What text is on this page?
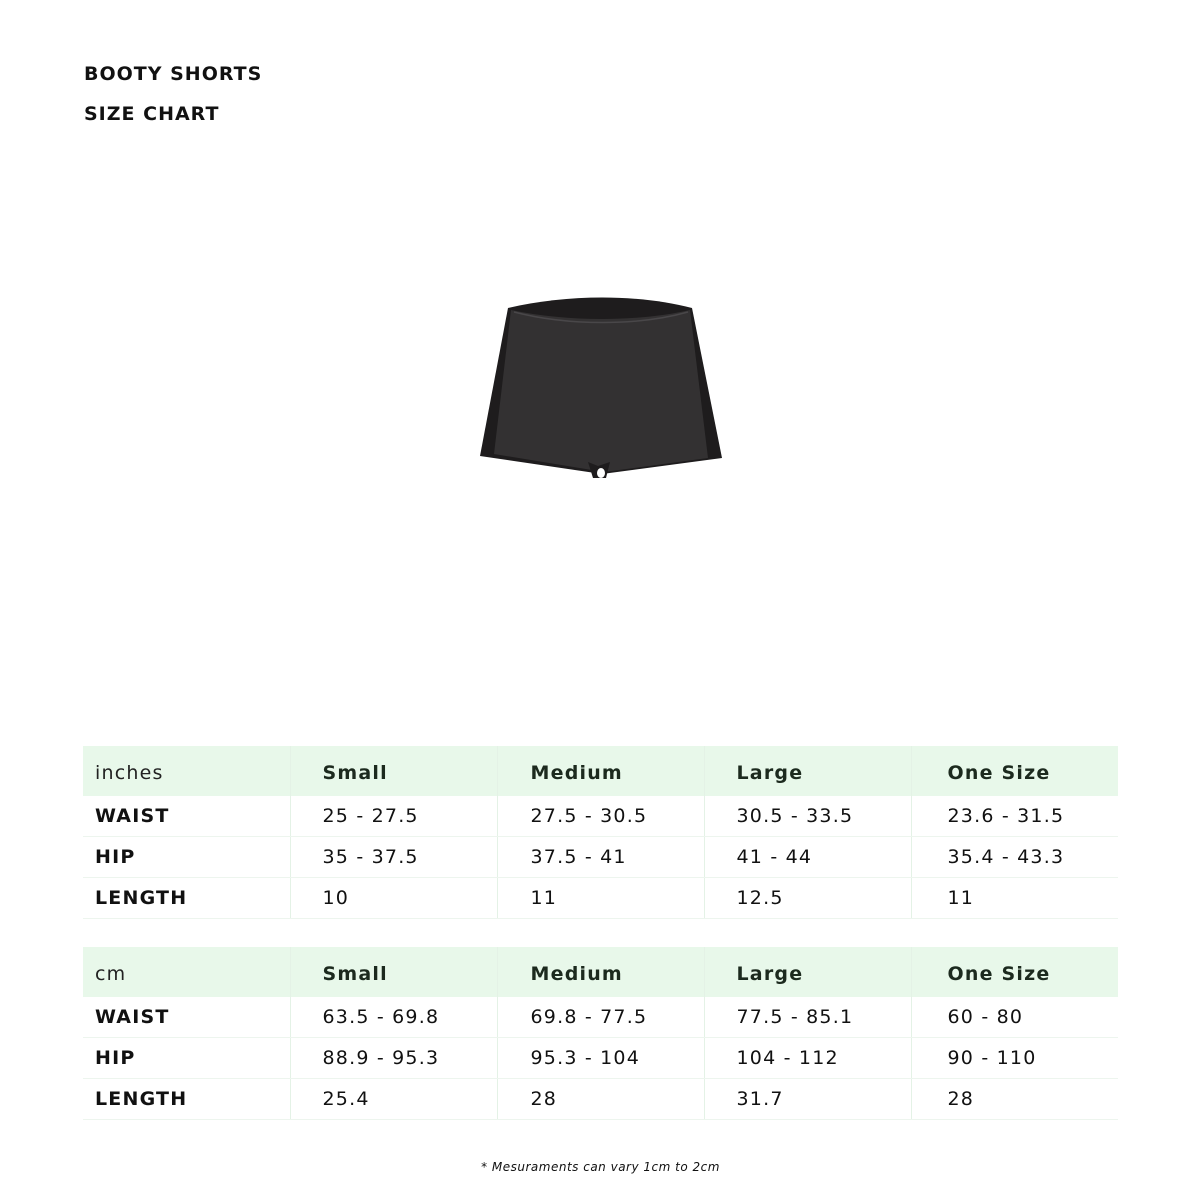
BOOTY SHORTS
SIZE CHART
inches	Small	Medium	Large	One Size
WAIST	25 - 27.5	27.5 - 30.5	30.5 - 33.5	23.6 - 31.5
HIP	35 - 37.5	37.5 - 41	41 - 44	35.4 - 43.3
LENGTH	10	11	12.5	11
cm	Small	Medium	Large	One Size
WAIST	63.5 - 69.8	69.8 - 77.5	77.5 - 85.1	60 - 80
HIP	88.9 - 95.3	95.3 - 104	104 - 112	90 - 110
LENGTH	25.4	28	31.7	28
* Mesuraments can vary 1cm to 2cm
